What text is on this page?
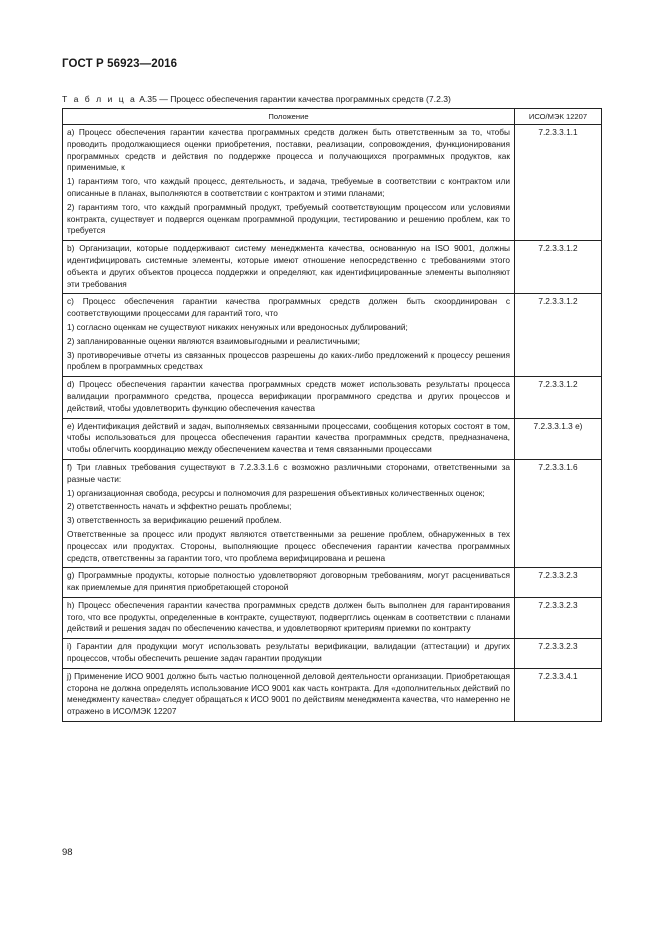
ГОСТ Р 56923—2016
Т а б л и ц а А.35 — Процесс обеспечения гарантии качества программных средств (7.2.3)
Положение	ИСО/МЭК 12207

а) Процесс обеспечения гарантии качества программных средств должен быть ответственным за то, чтобы проводить продолжающиеся оценки приобретения, поставки, реализации, сопровождения, функционирования программных средств и действия по поддержке процесса и получающихся программных продуктов, как применимые, к

1) гарантиям того, что каждый процесс, деятельность, и задача, требуемые в соответствии с контрактом или описанные в планах, выполняются в соответствии с контрактом и этими планами;

2) гарантиям того, что каждый программный продукт, требуемый соответствующим процессом или условиями контракта, существует и подвергся оценкам программной продукции, тестированию и решению проблем, как то требуется	7.2.3.3.1.1

b) Организации, которые поддерживают систему менеджмента качества, основанную на ISO 9001, должны идентифицировать системные элементы, которые имеют отношение непосредственно с требованиями этого объекта и других объектов процесса поддержки и определяют, как идентифицированные элементы выполняют эти требования	7.2.3.3.1.2

c) Процесс обеспечения гарантии качества программных средств должен быть скоординирован с соответствующими процессами для гарантий того, что

1) согласно оценкам не существуют никаких ненужных или вредоносных дублирований;

2) запланированные оценки являются взаимовыгодными и реалистичными;

3) противоречивые отчеты из связанных процессов разрешены до каких-либо предложений к процессу решения проблем в программных средствах	7.2.3.3.1.2

d) Процесс обеспечения гарантии качества программных средств может использовать результаты процесса валидации программного средства, процесса верификации программного средства и других процессов и действий, чтобы удовлетворить функцию обеспечения качества	7.2.3.3.1.2

e) Идентификация действий и задач, выполняемых связанными процессами, сообщения которых состоят в том, чтобы использоваться для процесса обеспечения гарантии качества программных средств, предназначена, чтобы облегчить координацию между обеспечением качества и темя связанными процессами	7.2.3.3.1.3 e)

f) Три главных требования существуют в 7.2.3.3.1.6 с возможно различными сторонами, ответственными за разные части:

1) организационная свобода, ресурсы и полномочия для разрешения объективных количественных оценок;

2) ответственность начать и эффектно решать проблемы;

3) ответственность за верификацию решений проблем.

Ответственные за процесс или продукт являются ответственными за решение проблем, обнаруженных в тех процессах или продуктах. Стороны, выполняющие процесс обеспечения гарантии качества программных средств, ответственны за гарантии того, что проблема верифицирована и решена	7.2.3.3.1.6

g) Программные продукты, которые полностью удовлетворяют договорным требованиям, могут расцениваться как приемлемые для принятия приобретающей стороной	7.2.3.3.2.3

h) Процесс обеспечения гарантии качества программных средств должен быть выполнен для гарантирования того, что все продукты, определенные в контракте, существуют, подвергглись оценкам в соответствии с планами действий и решения задач по обеспечению качества, и удовлетворяют критериям приемки по контракту	7.2.3.3.2.3

i) Гарантии для продукции могут использовать результаты верификации, валидации (аттестации) и других процессов, чтобы обеспечить решение задач гарантии продукции	7.2.3.3.2.3

j) Применение ИСО 9001 должно быть частью полноценной деловой деятельности организации. Приобретающая сторона не должна определять использование ИСО 9001 как часть контракта. Для «дополнительных действий по менеджменту качества» следует обращаться к ИСО 9001 по действиям менеджмента качества, что намеренно не отражено в ИСО/МЭК 12207	7.2.3.3.4.1
98
